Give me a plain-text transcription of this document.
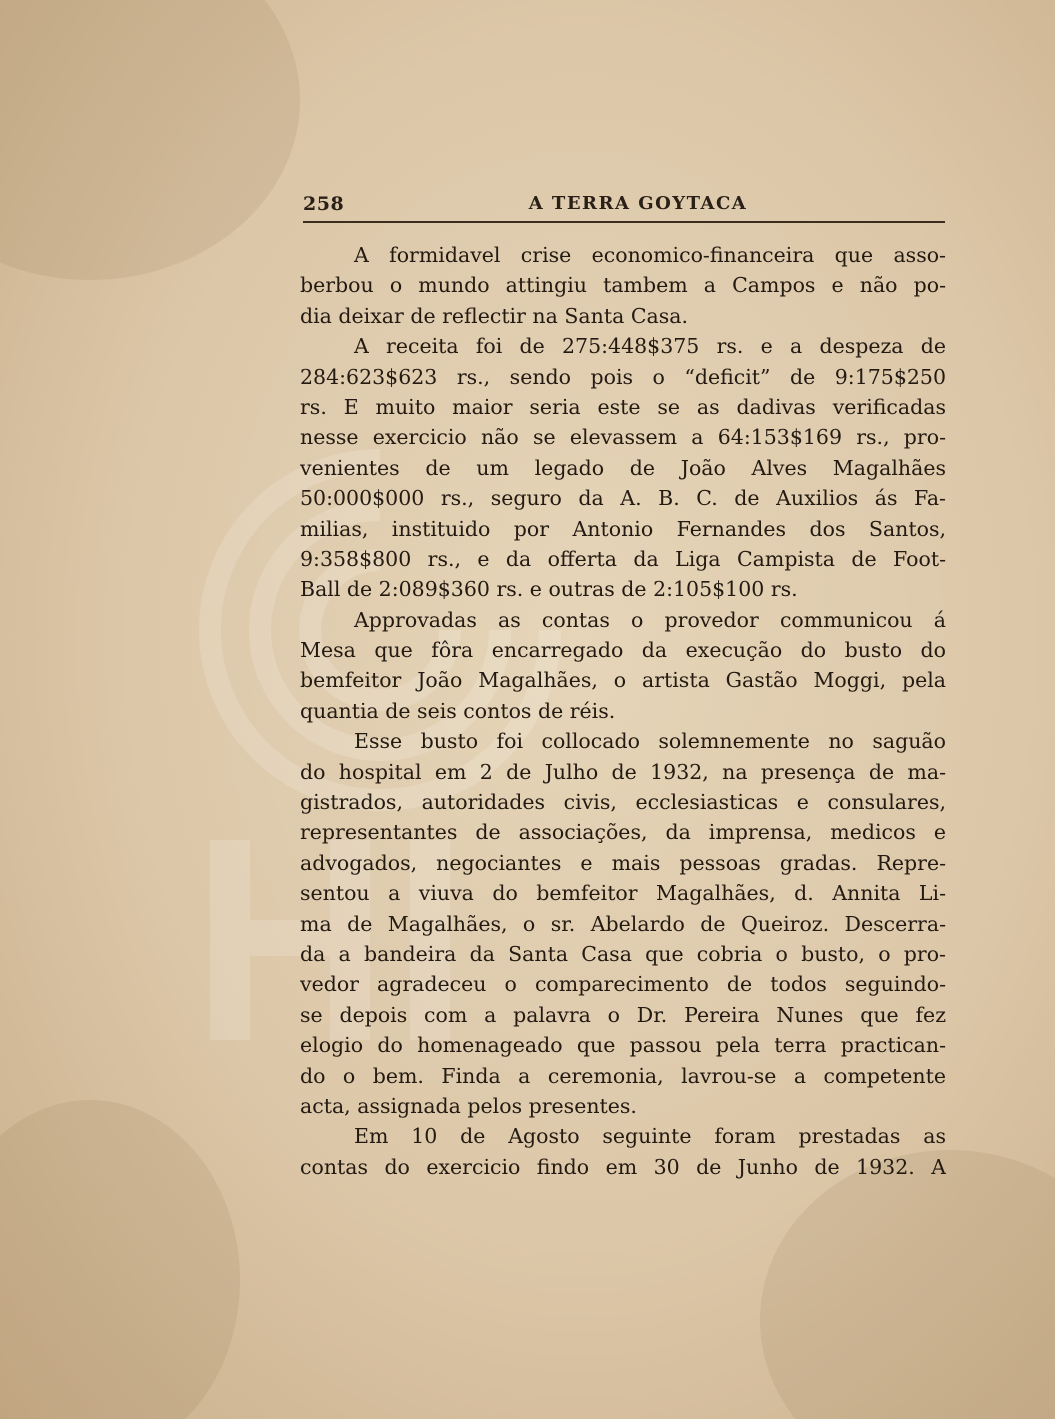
258	A TERRA GOYTACA
A formidavel crise economico-financeira que asso-
berbou o mundo attingiu tambem a Campos e não po-
dia deixar de reflectir na Santa Casa.
A receita foi de 275:448$375 rs. e a despeza de
284:623$623 rs., sendo pois o “deficit” de 9:175$250
rs. E muito maior seria este se as dadivas verificadas
nesse exercicio não se elevassem a 64:153$169 rs., pro-
venientes de um legado de João Alves Magalhães
50:000$000 rs., seguro da A. B. C. de Auxilios ás Fa-
milias, instituido por Antonio Fernandes dos Santos,
9:358$800 rs., e da offerta da Liga Campista de Foot-
Ball de 2:089$360 rs. e outras de 2:105$100 rs.
Approvadas as contas o provedor communicou á
Mesa que fôra encarregado da execução do busto do
bemfeitor João Magalhães, o artista Gastão Moggi, pela
quantia de seis contos de réis.
Esse busto foi collocado solemnemente no saguão
do hospital em 2 de Julho de 1932, na presença de ma-
gistrados, autoridades civis, ecclesiasticas e consulares,
representantes de associações, da imprensa, medicos e
advogados, negociantes e mais pessoas gradas. Repre-
sentou a viuva do bemfeitor Magalhães, d. Annita Li-
ma de Magalhães, o sr. Abelardo de Queiroz. Descerra-
da a bandeira da Santa Casa que cobria o busto, o pro-
vedor agradeceu o comparecimento de todos seguindo-
se depois com a palavra o Dr. Pereira Nunes que fez
elogio do homenageado que passou pela terra practican-
do o bem. Finda a ceremonia, lavrou-se a competente
acta, assignada pelos presentes.
Em 10 de Agosto seguinte foram prestadas as
contas do exercicio findo em 30 de Junho de 1932. A
